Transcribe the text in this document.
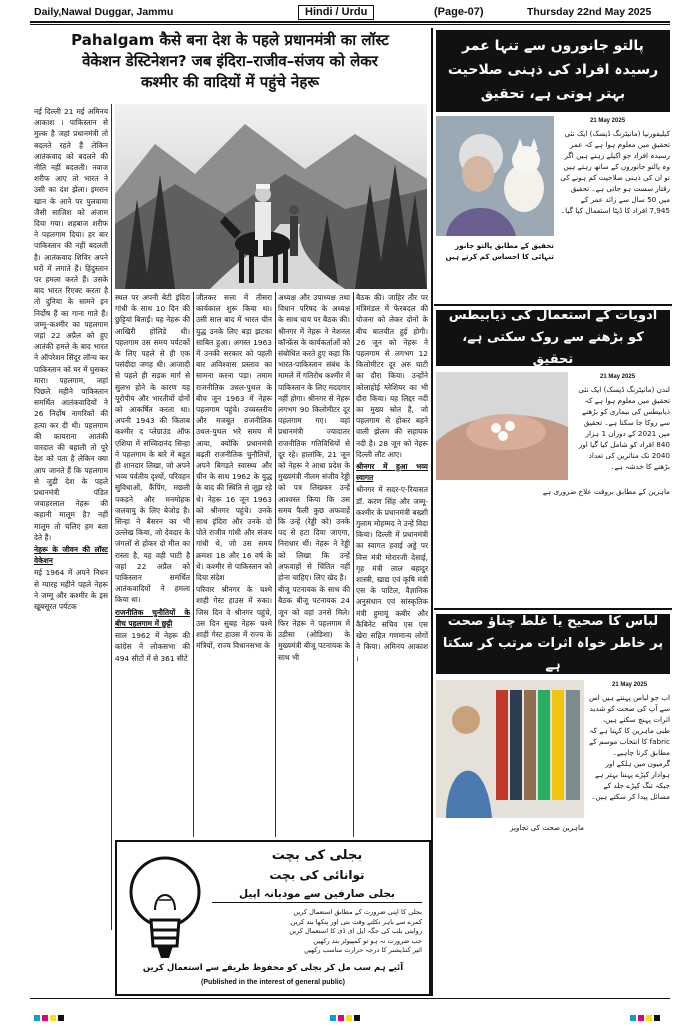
Daily,Nawal Duggar, Jammu	Hindi / Urdu	(Page-07)	Thursday 22nd May 2025
Pahalgam कैसे बना देश के पहले प्रधानमंत्री का लॉस्ट
वेकेशन डेस्टिनेशन? जब इंदिरा–राजीव–संजय को लेकर
कश्मीर की वादियों में पहुंचे नेहरू

नई दिल्ली 21 मई अमिनय आकाश । पाकिस्तान से मुल्क है जहां प्रधानमंत्री तो बदलते रहते हैं लेकिन आतंकवाद को बदलने की नीति नहीं बदलती। नवाज शरीफ आए तो भारत ने उसी का दंश झेला। इमरान खान के आने पर पुलवामा जैसी साजिश को अंजाम दिया गया। शहबाज शरीफ ने पहलगाम दिया। हर बार पाकिस्तान की नहीं बदलती है। आतंकवाद शिविर अपने घरों में लगाते हैं। हिंदुस्तान पर हमला करते हैं। उसके बाद भारत रिएक्ट करता है तो दुनिया के सामने इन निर्दोष हैं का गाना गाते हैं। जम्मू–कश्मीर का पहलगाम जहां 22 अप्रैल को हुए आतंकी हमले के बाद भारत ने ऑपरेशन सिंदूर लॉन्च कर पाकिस्तान को घर में घुसकर मारा। पहलगाम, जहां पिछले महीने पाकिस्तान समर्थित आतंकवादियों ने 26 निर्दोष नागरिकों की हत्या कर दी थी। पहलगाम की कायराना आतंकी वारदात की बहाली तो पूरे देश को पता है लेकिन क्या आप जानते हैं कि पहलगाम से जुड़ी देश के पहले प्रधानमंत्री पंडित जवाहरलाल नेहरू की कहानी मालूम है? नहीं मालूम तो चलिए हम बता देते हैं।

नेहरू के जीवन की लॉस्ट वेकेशन

मई 1964 में अपने निधन से ग्यारह महीने पहले नेहरू ने जम्मू और कश्मीर के इस खूबसूरत पर्यटक

स्थल पर अपनी बेटी इंदिरा गांधी के साथ 10 दिन की छुट्टियां बिताईं। यह नेहरू की आखिरी होलिडे थी। पहलगाम उस समय पर्यटकों के लिए पहले से ही एक पसंदीदा जगह थी। आजादी से पहले ही सड़क मार्ग से सुलभ होने के कारण यह यूरोपीय और भारतीयों दोनों को आकर्षित करता था। अपनी 1943 की किताब कश्मीर द प्लेग्राउंड ऑफ एशिया में सच्चिदानंद सिन्हा ने पहलगाम के बारे में बहुत ही शानदार लिखा, जो अपने भव्य पर्वतीय दृश्यों, परिवहन सुविधाओं, कैंपिंग, मछली पकड़ने और मनमोहक जलवायु के लिए बेजोड़ है। सिन्हा ने बैसरन का भी उल्लेख किया, जो देवदार के जंगलों से होकर दो मील का रास्ता है, यह वही घाटी है जहां 22 अप्रैल को पाकिस्तान समर्थित आतंकवादियों ने हमला किया था।

राजनीतिक चुनौतियों के बीच पहलगाम में छुट्टी

साल 1962 में नेहरू की कांग्रेस ने लोकसभा की 494 सीटों में से 361 सीटें

जीतकर सत्ता में तीसरा कार्यकाल शुरू किया था। उसी साल बाद में भारत चीन युद्ध उनके लिए बड़ा झटका साबित हुआ। अगस्त 1963 में उनकी सरकार को पहली बार अविश्वास प्रस्ताव का सामना करना पड़ा। तमाम राजनीतिक उथल-पुथल के बीच जून 1963 में नेहरू पहलगाम पहुंचे। उच्चस्तरीय और मजबूत राजनीतिक उथल-पुथल भरे समय में आया, क्योंकि प्रधानमंत्री बढ़ती राजनीतिक चुनौतियों, अपने बिगड़ते स्वास्थ्य और चीन के साथ 1962 के युद्ध के बाद की स्थिति से जूझ रहे थे। नेहरू 16 जून 1963 को श्रीनगर पहुंचे। उनके साथ इंदिरा और उनके दो पोते राजीव गांधी और संजय गांधी थे, जो उस समय क्रमशः 18 और 16 वर्ष के थे। कश्मीर से पाकिस्तान को दिया संदेश

परिवार श्रीनगर के चश्मे शाही गेस्ट हाउस में रुका। जिस दिन वे श्रीनगर पहुंचे, उस दिन सुबह नेहरू चश्मे शाही गेस्ट हाउस में राज्य के मंत्रियों, राज्य विधानसभा के

अध्यक्ष और उपाध्यक्ष तथा विधान परिषद के अध्यक्ष के साथ चाय पर बैठक की। श्रीनगर में नेहरू ने नेशनल कॉन्फ्रेंस के कार्यकर्ताओं को संबोधित करते हुए कहा कि भारत-पाकिस्तान संबंध के मामले में गतिरोध कश्मीर में पाकिस्तान के लिए मददगार नहीं होगा। श्रीनगर से नेहरू लगभग 90 किलोमीटर दूर पहलगाम गए। वहां प्रधानमंत्री ज्यादातर राजनीतिक गतिविधियों से दूर रहे। हालांकि, 21 जून को नेहरू ने आधा प्रदेश के मुख्यमंत्री नीलम संजीव रेड्डी को पत्र लिखकर उन्हें आश्वस्त किया कि उस समय फैली कुछ अफवाहें कि उन्हें (रेड्डी को) उनके पद से हटा दिया जाएगा, निराधार थीं। नेहरू ने रेड्डी को लिखा कि उन्हें अफवाहों से चिंतित नहीं होना चाहिए। लिए खेद है।

बीजू पटनायक के साथ की बैठक बीजू पटनायक 24 जून को वहां उनसे मिले। फिर नेहरू ने पहलगाम में उड़ीसा (ओडिशा) के मुख्यमंत्री बीजू पटनायक के साथ भी

बैठक की। जाहिर तौर पर मंत्रिमंडल में फेरबदल की योजना को लेकर दोनों के बीच बातचीत हुई होगी। 26 जून को नेहरू ने पहलगाम से लगभग 12 किलोमीटर दूर अरु घाटी का दौरा किया। उन्होंने कोलाहोई ग्लेशियर का भी दौरा किया। यह लिद्दर नदी का मुख्य स्रोत है, जो पहलगाम से होकर बहने वाली झेलम की सहायक नदी है। 28 जून को नेहरू दिल्ली लौट आए।

श्रीनगर में हुआ भव्य स्वागत

श्रीनगर में सदर-ए-रियासत डॉ. करण सिंह और जम्मू-कश्मीर के प्रधानमंत्री बख्शी गुलाम मोहम्मद ने उन्हें विदा किया। दिल्ली में प्रधानमंत्री का स्वागत हवाई अड्डे पर वित्त मंत्री मोरारजी देसाई, गृह मंत्री लाल बहादुर शास्त्री, खाद्य एवं कृषि मंत्री एस के पाटिल, वैज्ञानिक अनुसंधान एवं सांस्कृतिक मंत्री हुमायूं कबीर और कैबिनेट सचिव एस एस खेरा सहित गणमान्य लोगों ने किया। अमिनय आकाश ।

بجلی کی بچت
توانائی کی بچت
بجلی صارفین سے مودبانہ اپیل
بجلی کا اپنی ضرورت کے مطابق استعمال کریں
کمرے سے باہر نکلتے وقت بتی اور پنکھا بند کریں
روایتی بلب کی جگہ ایل ای ڈی کا استعمال کریں
جب ضرورت نہ ہو تو کمپیوٹر بند رکھیں
ائیر کنڈیشنر کا درجہ حرارت مناسب رکھیں
آئیے ہم سب مل کر بجلی کو محفوظ طریقے سے استعمال کریں
(Published in the interest of general public)
پالتو جانوروں سے تنہا عمر رسیدہ افراد کی ذہنی صلاحیت بہتر ہوتی ہے، تحقیق
21 May 2025
کیلیفورنیا (مانیٹرنگ ڈیسک) ایک نئی تحقیق میں معلوم ہوا ہے کہ عمر رسیدہ افراد جو اکیلے رہتے ہیں اگر وہ پالتو جانوروں کے ساتھ رہتے ہیں تو ان کی ذہنی صلاحیت کم ہونے کی رفتار سست ہو جاتی ہے۔ تحقیق میں 50 سال سے زائد عمر کے 7,945 افراد کا ڈیٹا استعمال کیا گیا۔
تحقیق کے مطابق پالتو جانور تنہائی کا احساس کم کرتے ہیں
ادویات کے استعمال کی ذیابیطس کو بڑھنے سے روک سکتی ہے، تحقیق
21 May 2025
لندن (مانیٹرنگ ڈیسک) ایک نئی تحقیق میں معلوم ہوا ہے کہ ذیابیطس کی بیماری کو بڑھنے سے روکا جا سکتا ہے۔ تحقیق میں 2021 کے دوران 1 ہزار 840 افراد کو شامل کیا گیا اور 2040 تک متاثرین کی تعداد بڑھنے کا خدشہ ہے۔
ماہرین کے مطابق بروقت علاج ضروری ہے
لباس کا صحیح یا غلط چناؤ صحت پر خاطر خواہ اثرات مرتب کر سکتا ہے
21 May 2025
اب جو لباس پہنتے ہیں اس سے آپ کی صحت کو شدید اثرات پہنچ سکتے ہیں، طبی ماہرین کا کہنا ہے کہ fabric کا انتخاب موسم کے مطابق کرنا چاہیے۔ گرمیوں میں ہلکے اور ہوادار کپڑے پہننا بہتر ہے جبکہ تنگ کپڑے جلد کے مسائل پیدا کر سکتے ہیں۔
ماہرین صحت کی تجاویز
